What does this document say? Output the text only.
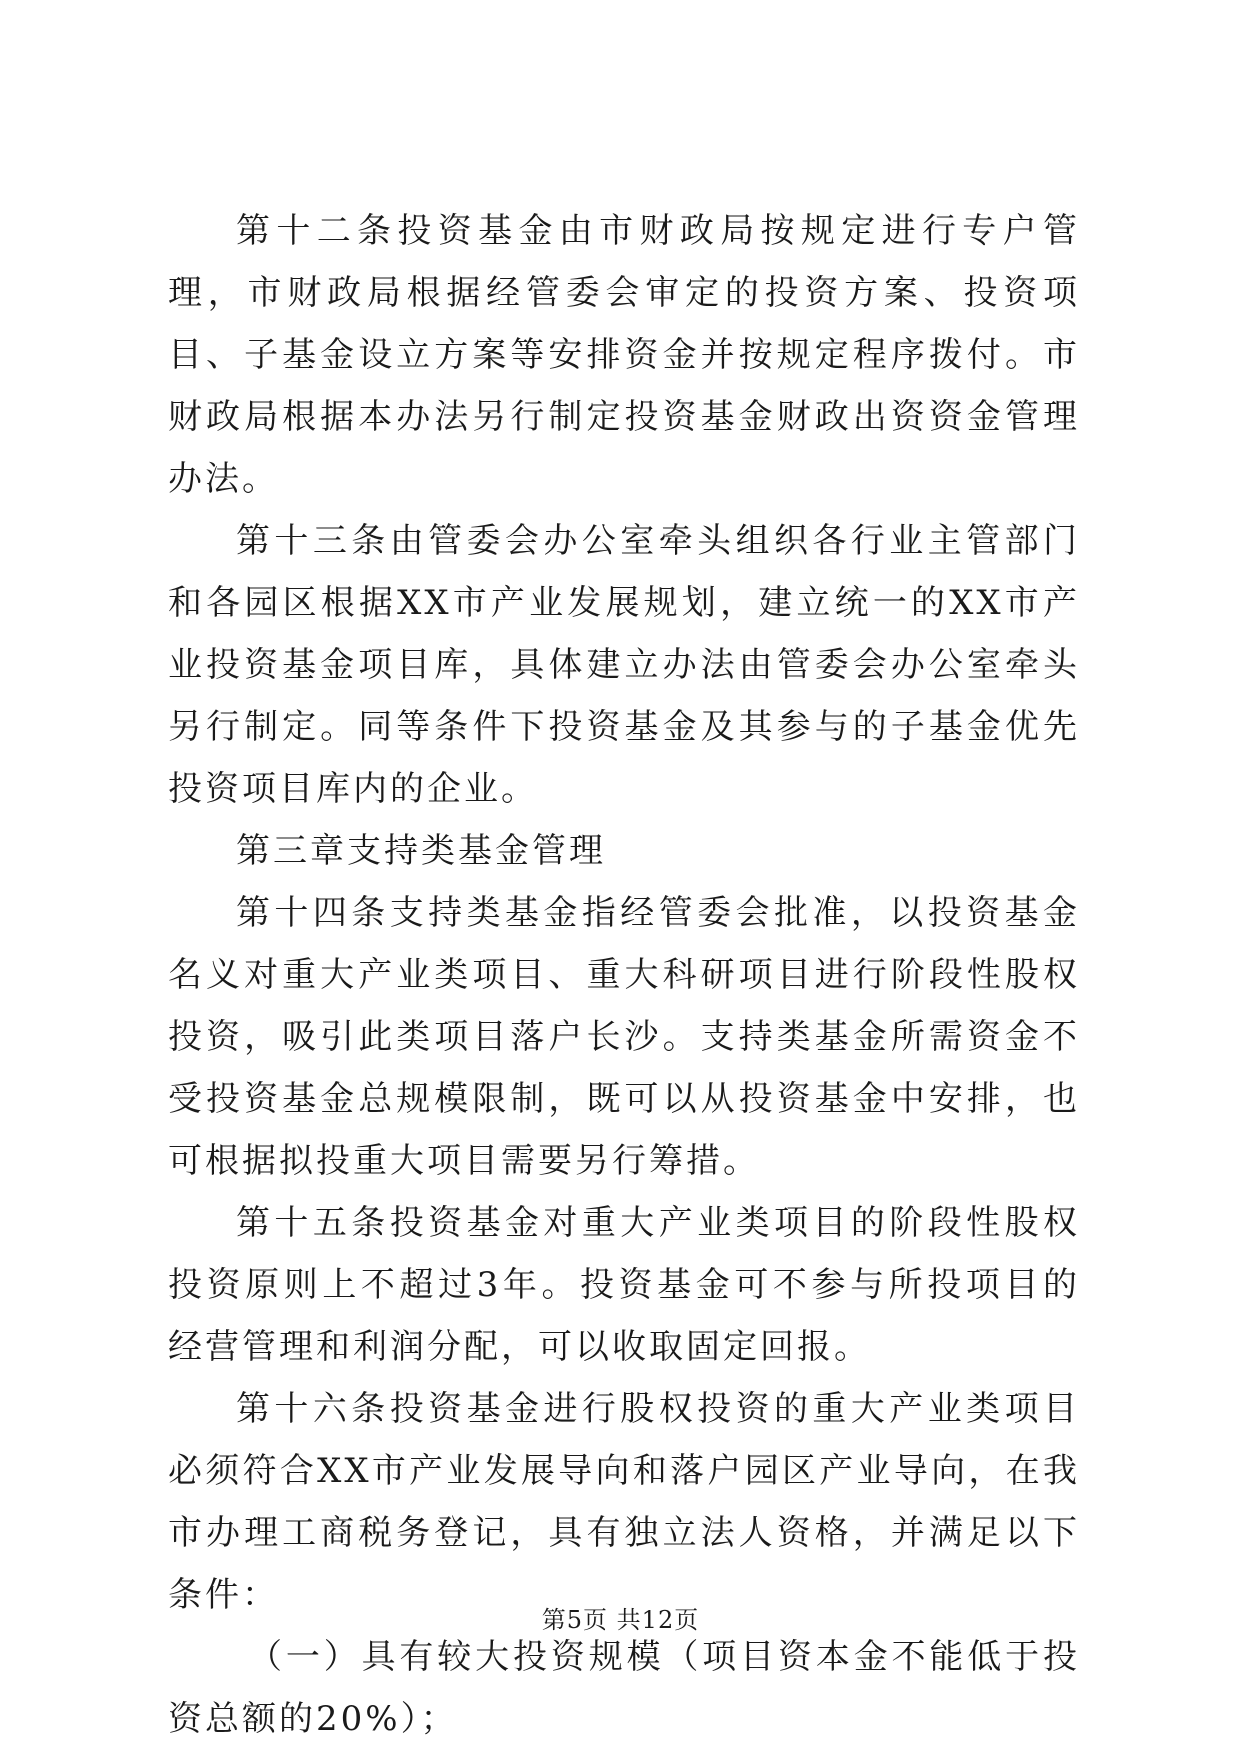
第十二条投资基金由市财政局按规定进行专户管理，市财政局根据经管委会审定的投资方案、投资项目、子基金设立方案等安排资金并按规定程序拨付。市财政局根据本办法另行制定投资基金财政出资资金管理办法。

第十三条由管委会办公室牵头组织各行业主管部门和各园区根据XX市产业发展规划，建立统一的XX市产业投资基金项目库，具体建立办法由管委会办公室牵头另行制定。同等条件下投资基金及其参与的子基金优先投资项目库内的企业。

第三章支持类基金管理

第十四条支持类基金指经管委会批准，以投资基金名义对重大产业类项目、重大科研项目进行阶段性股权投资，吸引此类项目落户长沙。支持类基金所需资金不受投资基金总规模限制，既可以从投资基金中安排，也可根据拟投重大项目需要另行筹措。

第十五条投资基金对重大产业类项目的阶段性股权投资原则上不超过3年。投资基金可不参与所投项目的经营管理和利润分配，可以收取固定回报。

第十六条投资基金进行股权投资的重大产业类项目必须符合XX市产业发展导向和落户园区产业导向，在我市办理工商税务登记，具有独立法人资格，并满足以下条件：

（一）具有较大投资规模（项目资本金不能低于投资总额的20%）；

第5页 共12页
